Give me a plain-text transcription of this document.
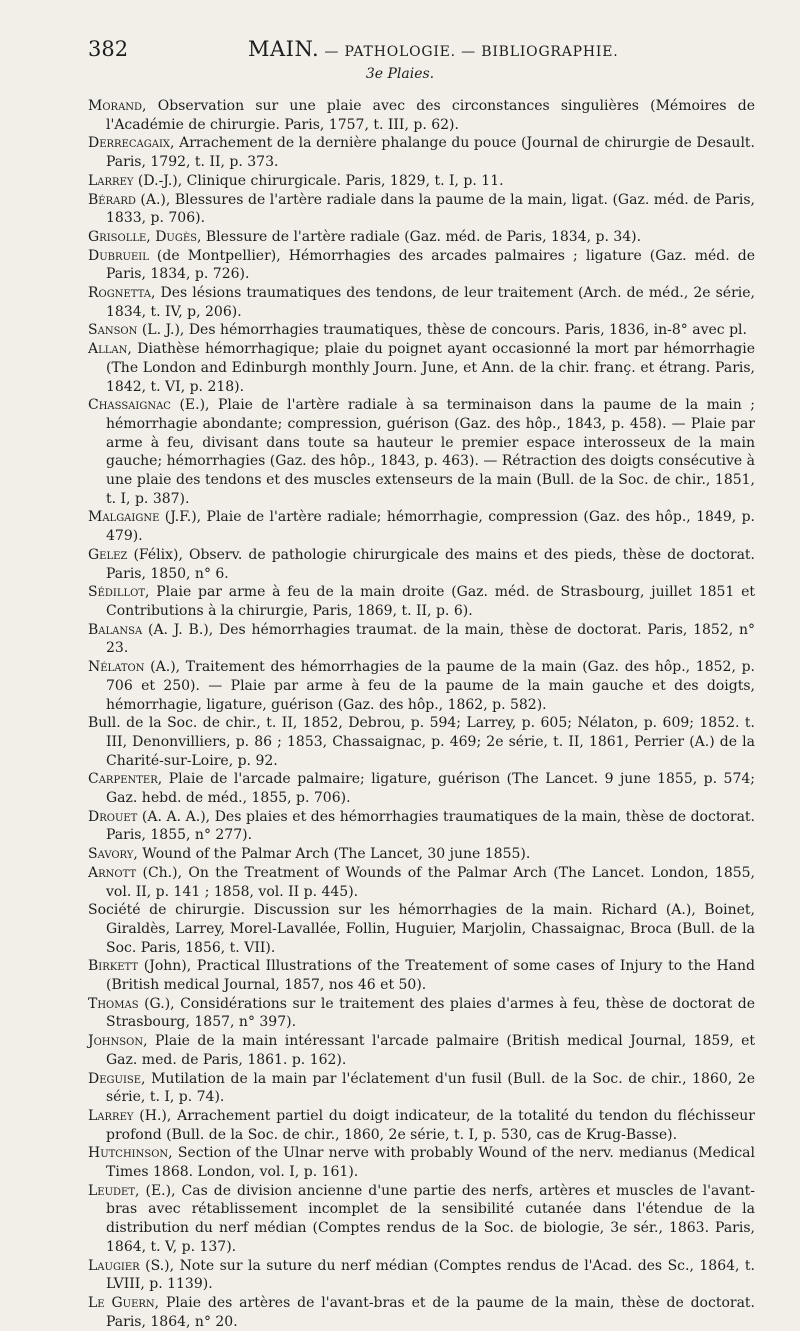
382	MAIN. — PATHOLOGIE. — BIBLIOGRAPHIE.
3e Plaies.

Morand, Observation sur une plaie avec des circonstances singulières (Mémoires de l'Académie de chirurgie. Paris, 1757, t. III, p. 62).

Derrecagaix, Arrachement de la dernière phalange du pouce (Journal de chirurgie de Desault. Paris, 1792, t. II, p. 373.

Larrey (D.-J.), Clinique chirurgicale. Paris, 1829, t. I, p. 11.

Bérard (A.), Blessures de l'artère radiale dans la paume de la main, ligat. (Gaz. méd. de Paris, 1833, p. 706).

Grisolle, Dugès, Blessure de l'artère radiale (Gaz. méd. de Paris, 1834, p. 34).

Dubrueil (de Montpellier), Hémorrhagies des arcades palmaires ; ligature (Gaz. méd. de Paris, 1834, p. 726).

Rognetta, Des lésions traumatiques des tendons, de leur traitement (Arch. de méd., 2e série, 1834, t. IV, p, 206).

Sanson (L. J.), Des hémorrhagies traumatiques, thèse de concours. Paris, 1836, in-8° avec pl.

Allan, Diathèse hémorrhagique; plaie du poignet ayant occasionné la mort par hémorrhagie (The London and Edinburgh monthly Journ. June, et Ann. de la chir. franç. et étrang. Paris, 1842, t. VI, p. 218).

Chassaignac (E.), Plaie de l'artère radiale à sa terminaison dans la paume de la main ; hémorrhagie abondante; compression, guérison (Gaz. des hôp., 1843, p. 458). — Plaie par arme à feu, divisant dans toute sa hauteur le premier espace interosseux de la main gauche; hémorrhagies (Gaz. des hôp., 1843, p. 463). — Rétraction des doigts consécutive à une plaie des tendons et des muscles extenseurs de la main (Bull. de la Soc. de chir., 1851, t. I, p. 387).

Malgaigne (J.F.), Plaie de l'artère radiale; hémorrhagie, compression (Gaz. des hôp., 1849, p. 479).

Gelez (Félix), Observ. de pathologie chirurgicale des mains et des pieds, thèse de doctorat. Paris, 1850, n° 6.

Sédillot, Plaie par arme à feu de la main droite (Gaz. méd. de Strasbourg, juillet 1851 et Contributions à la chirurgie, Paris, 1869, t. II, p. 6).

Balansa (A. J. B.), Des hémorrhagies traumat. de la main, thèse de doctorat. Paris, 1852, n° 23.

Nélaton (A.), Traitement des hémorrhagies de la paume de la main (Gaz. des hôp., 1852, p. 706 et 250). — Plaie par arme à feu de la paume de la main gauche et des doigts, hémorrhagie, ligature, guérison (Gaz. des hôp., 1862, p. 582).

Bull. de la Soc. de chir., t. II, 1852, Debrou, p. 594; Larrey, p. 605; Nélaton, p. 609; 1852. t. III, Denonvilliers, p. 86 ; 1853, Chassaignac, p. 469; 2e série, t. II, 1861, Perrier (A.) de la Charité-sur-Loire, p. 92.

Carpenter, Plaie de l'arcade palmaire; ligature, guérison (The Lancet. 9 june 1855, p. 574; Gaz. hebd. de méd., 1855, p. 706).

Drouet (A. A. A.), Des plaies et des hémorrhagies traumatiques de la main, thèse de doctorat. Paris, 1855, n° 277).

Savory, Wound of the Palmar Arch (The Lancet, 30 june 1855).

Arnott (Ch.), On the Treatment of Wounds of the Palmar Arch (The Lancet. London, 1855, vol. II, p. 141 ; 1858, vol. II p. 445).

Société de chirurgie. Discussion sur les hémorrhagies de la main. Richard (A.), Boinet, Giraldès, Larrey, Morel-Lavallée, Follin, Huguier, Marjolin, Chassaignac, Broca (Bull. de la Soc. Paris, 1856, t. VII).

Birkett (John), Practical Illustrations of the Treatement of some cases of Injury to the Hand (British medical Journal, 1857, nos 46 et 50).

Thomas (G.), Considérations sur le traitement des plaies d'armes à feu, thèse de doctorat de Strasbourg, 1857, n° 397).

Johnson, Plaie de la main intéressant l'arcade palmaire (British medical Journal, 1859, et Gaz. med. de Paris, 1861. p. 162).

Deguise, Mutilation de la main par l'éclatement d'un fusil (Bull. de la Soc. de chir., 1860, 2e série, t. I, p. 74).

Larrey (H.), Arrachement partiel du doigt indicateur, de la totalité du tendon du fléchisseur profond (Bull. de la Soc. de chir., 1860, 2e série, t. I, p. 530, cas de Krug-Basse).

Hutchinson, Section of the Ulnar nerve with probably Wound of the nerv. medianus (Medical Times 1868. London, vol. I, p. 161).

Leudet, (E.), Cas de division ancienne d'une partie des nerfs, artères et muscles de l'avant-bras avec rétablissement incomplet de la sensibilité cutanée dans l'étendue de la distribution du nerf médian (Comptes rendus de la Soc. de biologie, 3e sér., 1863. Paris, 1864, t. V, p. 137).

Laugier (S.), Note sur la suture du nerf médian (Comptes rendus de l'Acad. des Sc., 1864, t. LVIII, p. 1139).

Le Guern, Plaie des artères de l'avant-bras et de la paume de la main, thèse de doctorat. Paris, 1864, n° 20.
